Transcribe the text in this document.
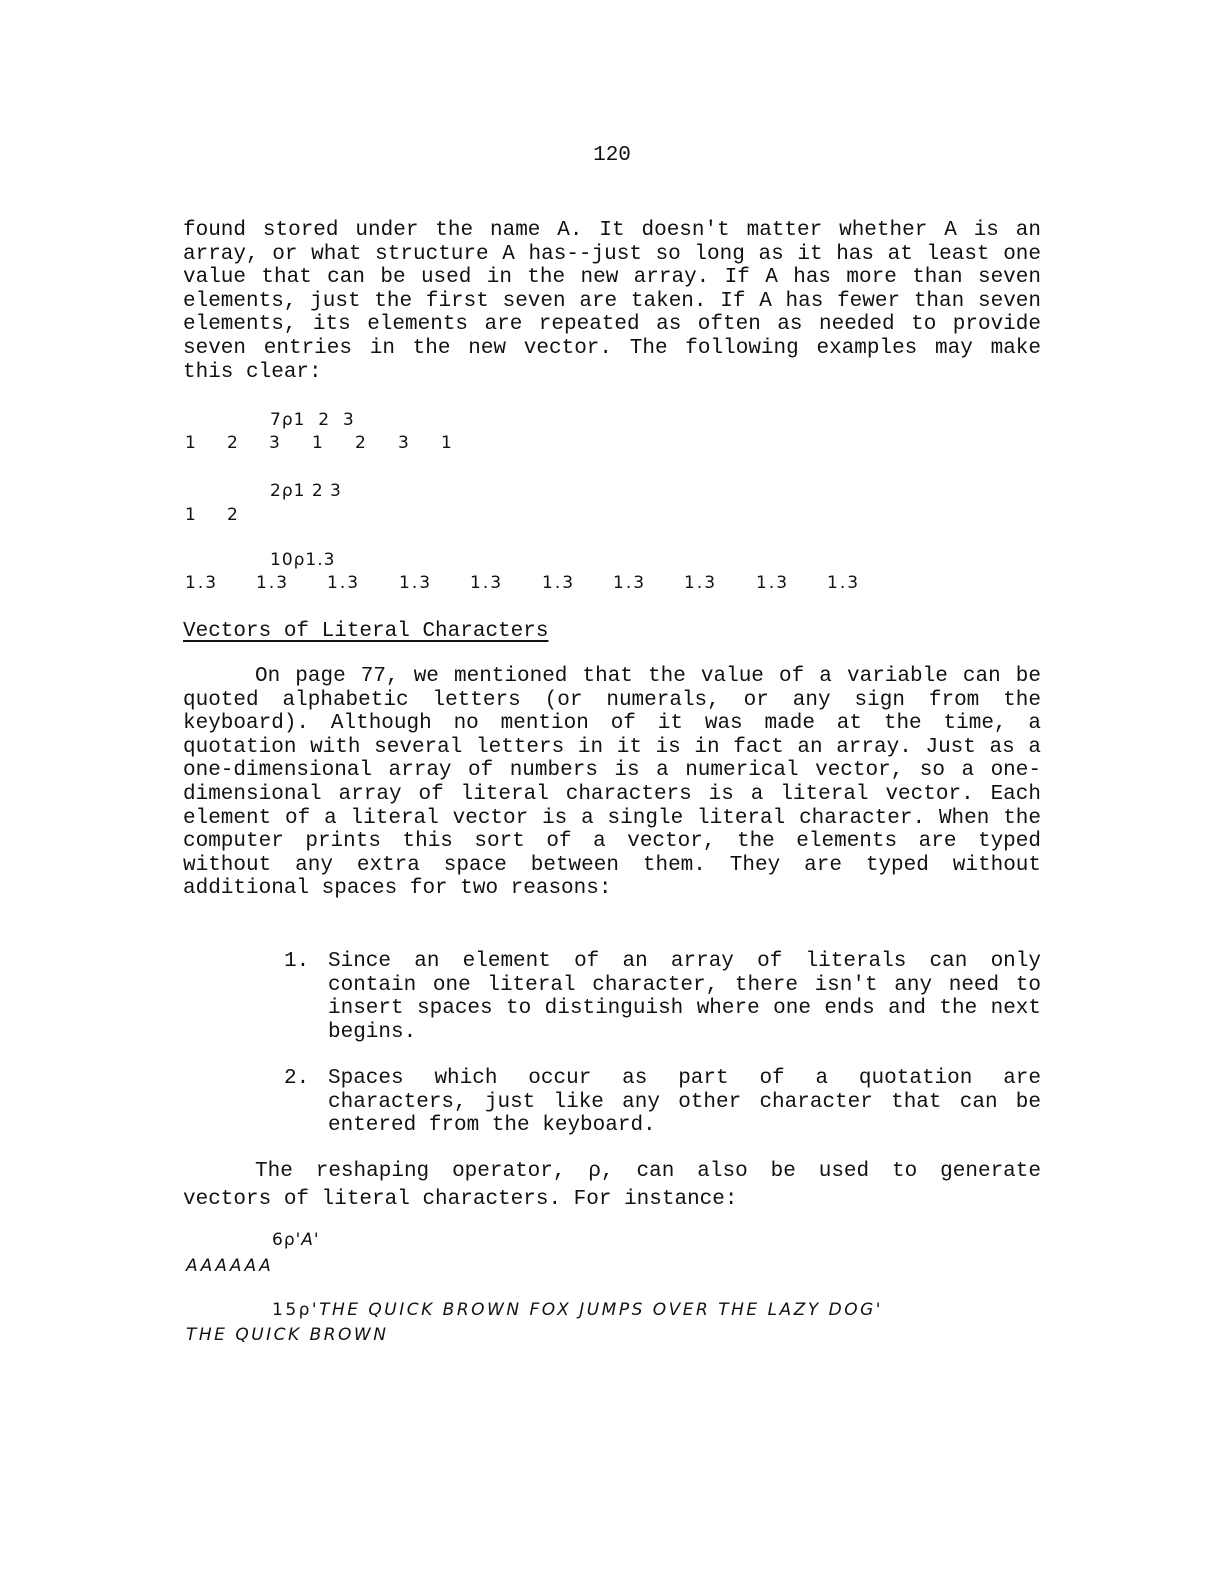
120

found stored under the name A. It doesn't matter whether A is an array, or what structure A has--just so long as it has at least one value that can be used in the new array. If A has more than seven elements, just the first seven are taken. If A has fewer than seven elements, its elements are repeated as often as needed to provide seven entries in the new vector. The following examples may make this clear:

7ρ1  2  3
1 2 3 1 2 3 1
2ρ1 2 3
1 2
10ρ1.3
1.3 1.3 1.3 1.3 1.3 1.3 1.3 1.3 1.3 1.3
Vectors of Literal Characters

On page 77, we mentioned that the value of a variable can be quoted alphabetic letters (or numerals, or any sign from the keyboard). Although no mention of it was made at the time, a quotation with several letters in it is in fact an array. Just as a one-dimensional array of numbers is a numerical vector, so a one-dimensional array of literal characters is a literal vector. Each element of a literal vector is a single literal character. When the computer prints this sort of a vector, the elements are typed without any extra space between them. They are typed without additional spaces for two reasons:

1. Since an element of an array of literals can only contain one literal character, there isn't any need to insert spaces to distinguish where one ends and the next begins.
2. Spaces which occur as part of a quotation are characters, just like any other character that can be entered from the keyboard.

The reshaping operator, ρ, can also be used to generate vectors of literal characters. For instance:

6ρ'A'
AAAAAA
15ρ'THE QUICK BROWN FOX JUMPS OVER THE LAZY DOG'
THE QUICK BROWN
